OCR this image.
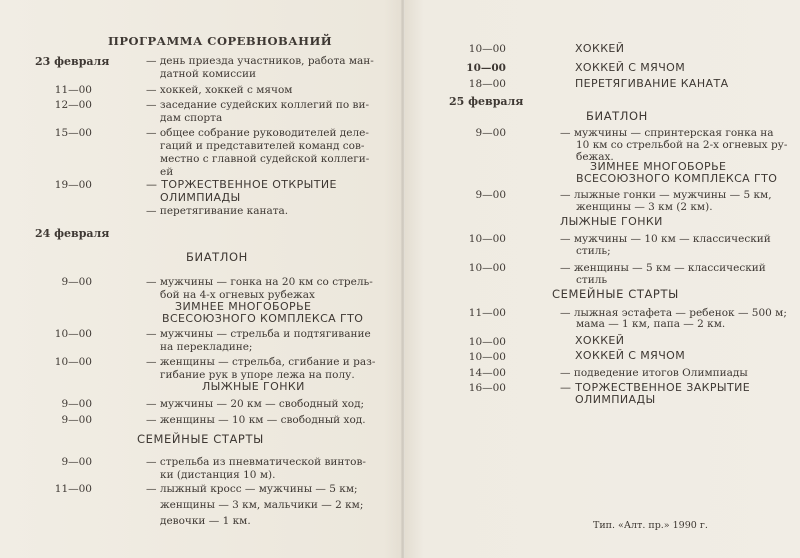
ПРОГРАММА СОРЕВНОВАНИЙ
23 февраля	— день приезда участников, работа ман-
датной комиссии
11—00	— хоккей, хоккей с мячом
12—00	— заседание судейских коллегий по ви-
дам спорта
15—00	— общее собрание руководителей деле-
гаций и представителей команд сов-
местно с главной судейской коллеги-
ей
19—00	— ТОРЖЕСТВЕННОЕ ОТКРЫТИЕ
ОЛИМПИАДЫ
— перетягивание каната.
24 февраля
БИАТЛОН
9—00	— мужчины — гонка на 20 км со стрель-
бой на 4-х огневых рубежах
ЗИМНЕЕ МНОГОБОРЬЕ
ВСЕСОЮЗНОГО КОМПЛЕКСА ГТО
10—00	— мужчины — стрельба и подтягивание
на перекладине;
10—00	— женщины — стрельба, сгибание и раз-
гибание рук в упоре лежа на полу.
ЛЫЖНЫЕ ГОНКИ
9—00	— мужчины — 20 км — свободный ход;
9—00	— женщины — 10 км — свободный ход.
СЕМЕЙНЫЕ СТАРТЫ
9—00	— стрельба из пневматической винтов-
ки (дистанция 10 м).
11—00	— лыжный кросс — мужчины — 5 км;
женщины — 3 км, мальчики — 2 км;
девочки — 1 км.
10—00	ХОККЕЙ
10—00	ХОККЕЙ С МЯЧОМ
18—00	ПЕРЕТЯГИВАНИЕ КАНАТА
25 февраля
БИАТЛОН
9—00	— мужчины — спринтерская гонка на
10 км со стрельбой на 2-х огневых ру-
бежах.
ЗИМНЕЕ МНОГОБОРЬЕ
ВСЕСОЮЗНОГО КОМПЛЕКСА ГТО
9—00	— лыжные гонки — мужчины — 5 км,
женщины — 3 км (2 км).
ЛЫЖНЫЕ ГОНКИ
10—00	— мужчины — 10 км — классический
стиль;
10—00	— женщины — 5 км — классический
стиль
СЕМЕЙНЫЕ СТАРТЫ
11—00	— лыжная эстафета — ребенок — 500 м;
мама — 1 км, папа — 2 км.
10—00	ХОККЕЙ
10—00	ХОККЕЙ С МЯЧОМ
14—00	— подведение итогов Олимпиады
16—00	— ТОРЖЕСТВЕННОЕ ЗАКРЫТИЕ
ОЛИМПИАДЫ
Тип. «Алт. пр.» 1990 г.
